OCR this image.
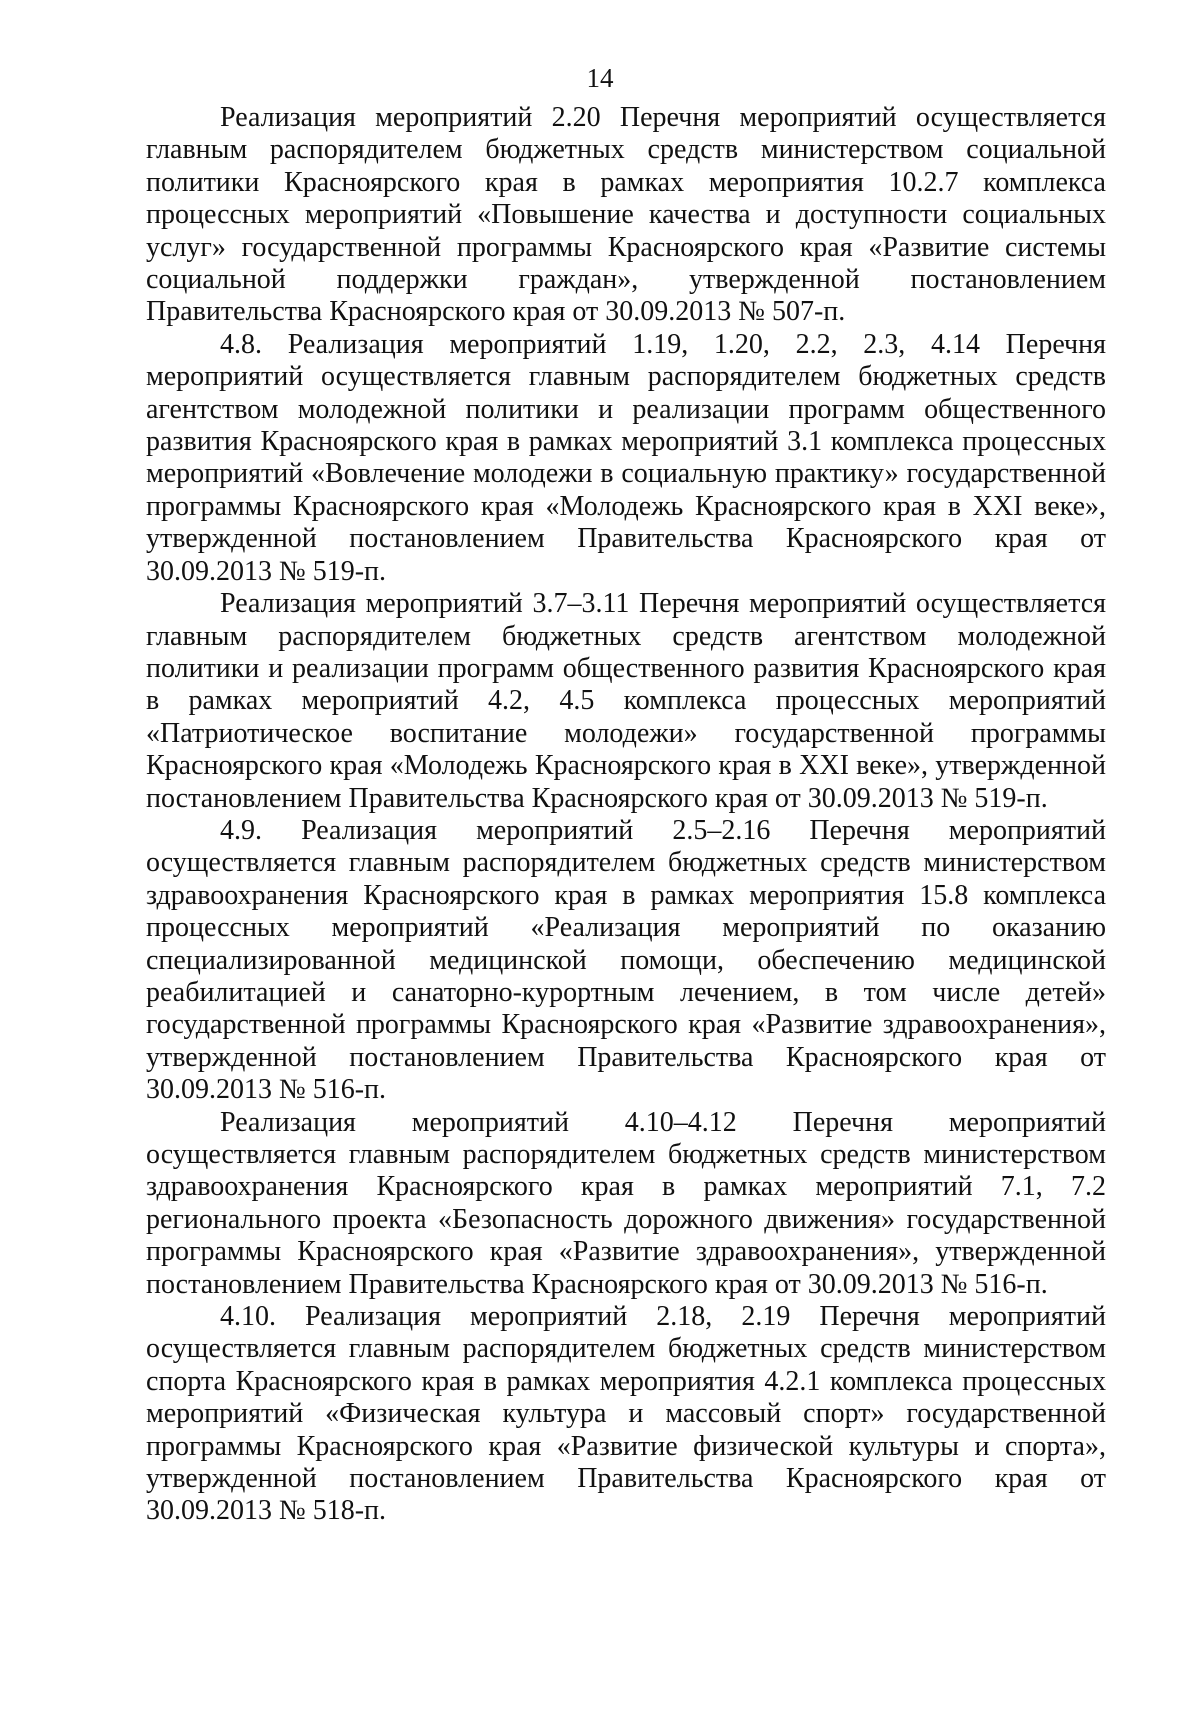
14

Реализация мероприятий 2.20 Перечня мероприятий осуществляется главным распорядителем бюджетных средств министерством социальной политики Красноярского края в рамках мероприятия 10.2.7 комплекса процессных мероприятий «Повышение качества и доступности социальных услуг» государственной программы Красноярского края «Развитие системы социальной поддержки граждан», утвержденной постановлением Правительства Красноярского края от 30.09.2013 № 507-п.

4.8. Реализация мероприятий 1.19, 1.20, 2.2, 2.3, 4.14 Перечня мероприятий осуществляется главным распорядителем бюджетных средств агентством молодежной политики и реализации программ общественного развития Красноярского края в рамках мероприятий 3.1 комплекса процессных мероприятий «Вовлечение молодежи в социальную практику» государственной программы Красноярского края «Молодежь Красноярского края в XXI веке», утвержденной постановлением Правительства Красноярского края от 30.09.2013 № 519-п.

Реализация мероприятий 3.7–3.11 Перечня мероприятий осуществляется главным распорядителем бюджетных средств агентством молодежной политики и реализации программ общественного развития Красноярского края в рамках мероприятий 4.2, 4.5 комплекса процессных мероприятий «Патриотическое воспитание молодежи» государственной программы Красноярского края «Молодежь Красноярского края в XXI веке», утвержденной постановлением Правительства Красноярского края от 30.09.2013 № 519-п.

4.9. Реализация мероприятий 2.5–2.16 Перечня мероприятий осуществляется главным распорядителем бюджетных средств министерством здравоохранения Красноярского края в рамках мероприятия 15.8 комплекса процессных мероприятий «Реализация мероприятий по оказанию специализированной медицинской помощи, обеспечению медицинской реабилитацией и санаторно-курортным лечением, в том числе детей» государственной программы Красноярского края «Развитие здравоохранения», утвержденной постановлением Правительства Красноярского края от 30.09.2013 № 516-п.

Реализация мероприятий 4.10–4.12 Перечня мероприятий осуществляется главным распорядителем бюджетных средств министерством здравоохранения Красноярского края в рамках мероприятий 7.1, 7.2 регионального проекта «Безопасность дорожного движения» государственной программы Красноярского края «Развитие здравоохранения», утвержденной постановлением Правительства Красноярского края от 30.09.2013 № 516-п.

4.10. Реализация мероприятий 2.18, 2.19 Перечня мероприятий осуществляется главным распорядителем бюджетных средств министерством спорта Красноярского края в рамках мероприятия 4.2.1 комплекса процессных мероприятий «Физическая культура и массовый спорт» государственной программы Красноярского края «Развитие физической культуры и спорта», утвержденной постановлением Правительства Красноярского края от 30.09.2013 № 518-п.
